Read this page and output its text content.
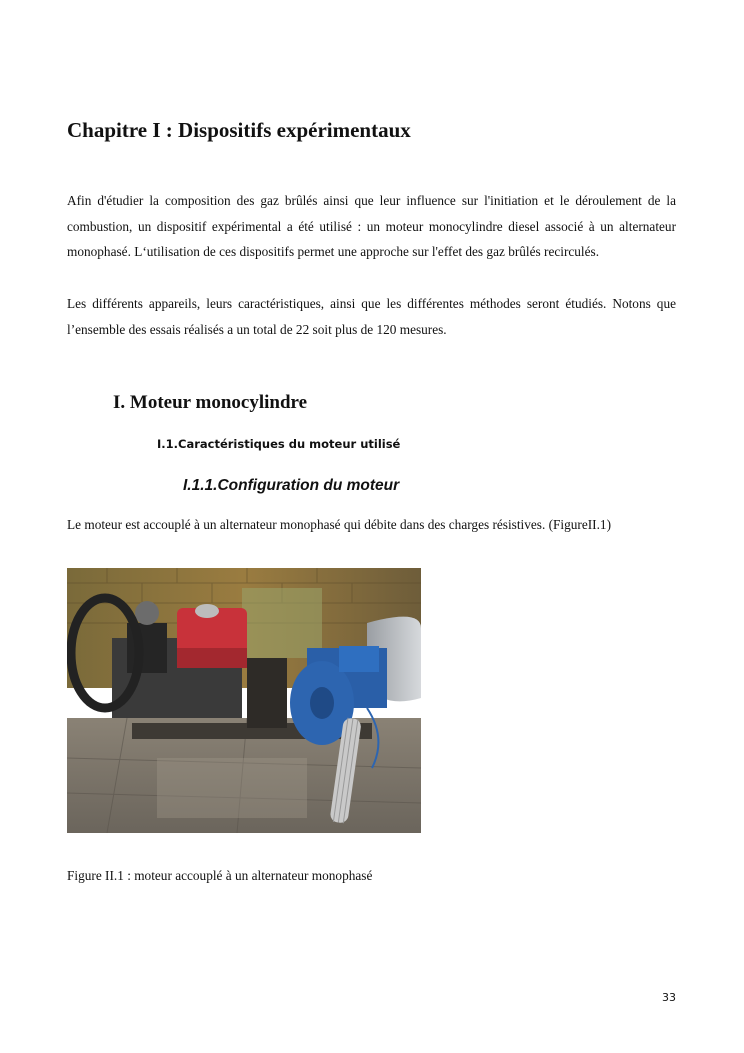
Chapitre I : Dispositifs expérimentaux

Afin d'étudier la composition des gaz brûlés ainsi que leur influence sur l'initiation et le déroulement de la combustion, un dispositif expérimental a été utilisé : un moteur monocylindre diesel associé à un alternateur monophasé. L‘utilisation de ces dispositifs permet une approche sur l'effet des gaz brûlés recirculés.

Les différents appareils, leurs caractéristiques, ainsi que les différentes méthodes seront étudiés. Notons que l’ensemble des essais réalisés a un total de 22 soit plus de 120 mesures.

I. Moteur monocylindre
I.1.Caractéristiques du moteur utilisé
I.1.1.Configuration du moteur

Le moteur est accouplé à un alternateur monophasé qui débite dans des charges résistives. (FigureII.1)

Figure II.1 : moteur accouplé à un alternateur monophasé

33
